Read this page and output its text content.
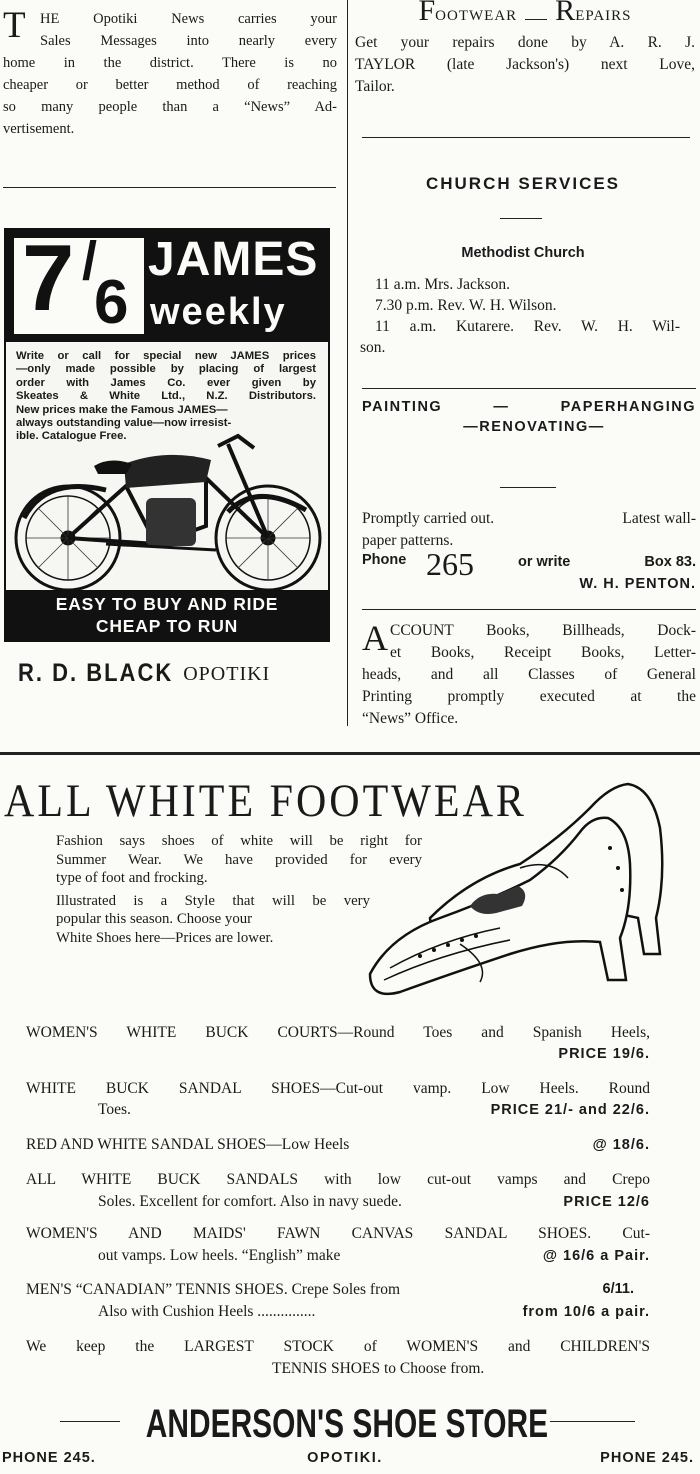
T HE Opotiki News carries your
Sales Messages into nearly every
home in the district. There is no
cheaper or better method of reaching
so many people than a “News” Ad-
vertisement.
7 /
6
JAMES
weekly
Write or call for special new JAMES prices
—only made possible by placing of largest
order with James Co. ever given by
Skeates & White Ltd., N.Z. Distributors.
New prices make the Famous JAMES—
always outstanding value—now irresist-
ible. Catalogue Free.
EASY TO BUY AND RIDE
CHEAP TO RUN
R. D. BLACK OPOTIKI
FOOTWEAR REPAIRS
Get your repairs done by A. R. J.
TAYLOR (late Jackson's) next Love,
Tailor.
CHURCH SERVICES
Methodist Church
11 a.m. Mrs. Jackson.
7.30 p.m. Rev. W. H. Wilson.
11 a.m. Kutarere. Rev. W. H. Wil-
son.
PAINTING	—	PAPERHANGING
—RENOVATING—
Promptly carried out.	Latest wall-
paper patterns.
Phone 265	or write	Box 83.
W. H. PENTON.
A CCOUNT Books, Billheads, Dock-
et Books, Receipt Books, Letter-
heads, and all Classes of General
Printing promptly executed at the
“News” Office.
ALL WHITE FOOTWEAR
Fashion says shoes of white will be right for
Summer Wear. We have provided for every
type of foot and frocking.
Illustrated is a Style that will be very
popular this season. Choose your
White Shoes here—Prices are lower.
WOMEN'S WHITE BUCK COURTS—Round Toes and Spanish Heels,
PRICE 19/6.
WHITE BUCK SANDAL SHOES—Cut-out vamp. Low Heels. Round
Toes.	PRICE 21/- and 22/6.
RED AND WHITE SANDAL SHOES—Low Heels	@ 18/6.
ALL WHITE BUCK SANDALS with low cut-out vamps and Crepo
Soles. Excellent for comfort. Also in navy suede.	PRICE 12/6
WOMEN'S AND MAIDS' FAWN CANVAS SANDAL SHOES. Cut-
out vamps. Low heels. “English” make	@ 16/6 a Pair.
MEN'S “CANADIAN” TENNIS SHOES. Crepe Soles from	6/11.
Also with Cushion Heels ...............	from 10/6 a pair.
We keep the LARGEST STOCK of WOMEN'S and CHILDREN'S
TENNIS SHOES to Choose from.
ANDERSON'S SHOE STORE
PHONE 245.	OPOTIKI.	PHONE 245.
